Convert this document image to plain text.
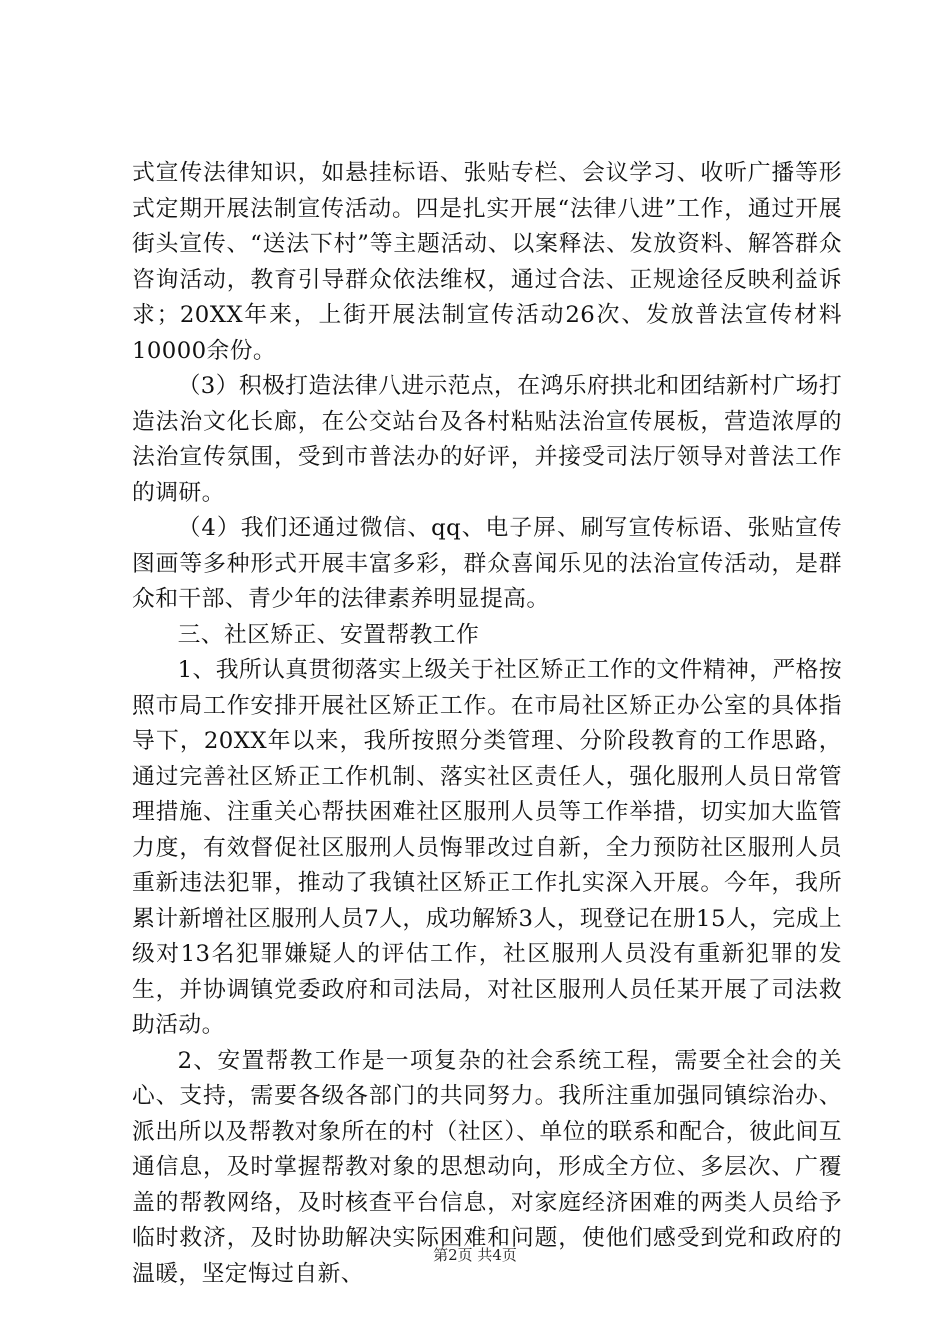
式宣传法律知识，如悬挂标语、张贴专栏、会议学习、收听广播等形式定期开展法制宣传活动。四是扎实开展“法律八进”工作，通过开展街头宣传、“送法下村”等主题活动、以案释法、发放资料、解答群众咨询活动，教育引导群众依法维权，通过合法、正规途径反映利益诉求；20XX年来，上街开展法制宣传活动26次、发放普法宣传材料10000余份。

（3）积极打造法律八进示范点，在鸿乐府拱北和团结新村广场打造法治文化长廊，在公交站台及各村粘贴法治宣传展板，营造浓厚的法治宣传氛围，受到市普法办的好评，并接受司法厅领导对普法工作的调研。

（4）我们还通过微信、qq、电子屏、刷写宣传标语、张贴宣传图画等多种形式开展丰富多彩，群众喜闻乐见的法治宣传活动，是群众和干部、青少年的法律素养明显提高。

三、社区矫正、安置帮教工作

1、我所认真贯彻落实上级关于社区矫正工作的文件精神，严格按照市局工作安排开展社区矫正工作。在市局社区矫正办公室的具体指导下，20XX年以来，我所按照分类管理、分阶段教育的工作思路，通过完善社区矫正工作机制、落实社区责任人，强化服刑人员日常管理措施、注重关心帮扶困难社区服刑人员等工作举措，切实加大监管力度，有效督促社区服刑人员悔罪改过自新，全力预防社区服刑人员重新违法犯罪，推动了我镇社区矫正工作扎实深入开展。今年，我所累计新增社区服刑人员7人，成功解矫3人，现登记在册15人，完成上级对13名犯罪嫌疑人的评估工作，社区服刑人员没有重新犯罪的发生，并协调镇党委政府和司法局，对社区服刑人员任某开展了司法救助活动。

2、安置帮教工作是一项复杂的社会系统工程，需要全社会的关心、支持，需要各级各部门的共同努力。我所注重加强同镇综治办、派出所以及帮教对象所在的村（社区）、单位的联系和配合，彼此间互通信息，及时掌握帮教对象的思想动向，形成全方位、多层次、广覆盖的帮教网络，及时核查平台信息，对家庭经济困难的两类人员给予临时救济，及时协助解决实际困难和问题，使他们感受到党和政府的温暖，坚定悔过自新、

第2页 共4页
